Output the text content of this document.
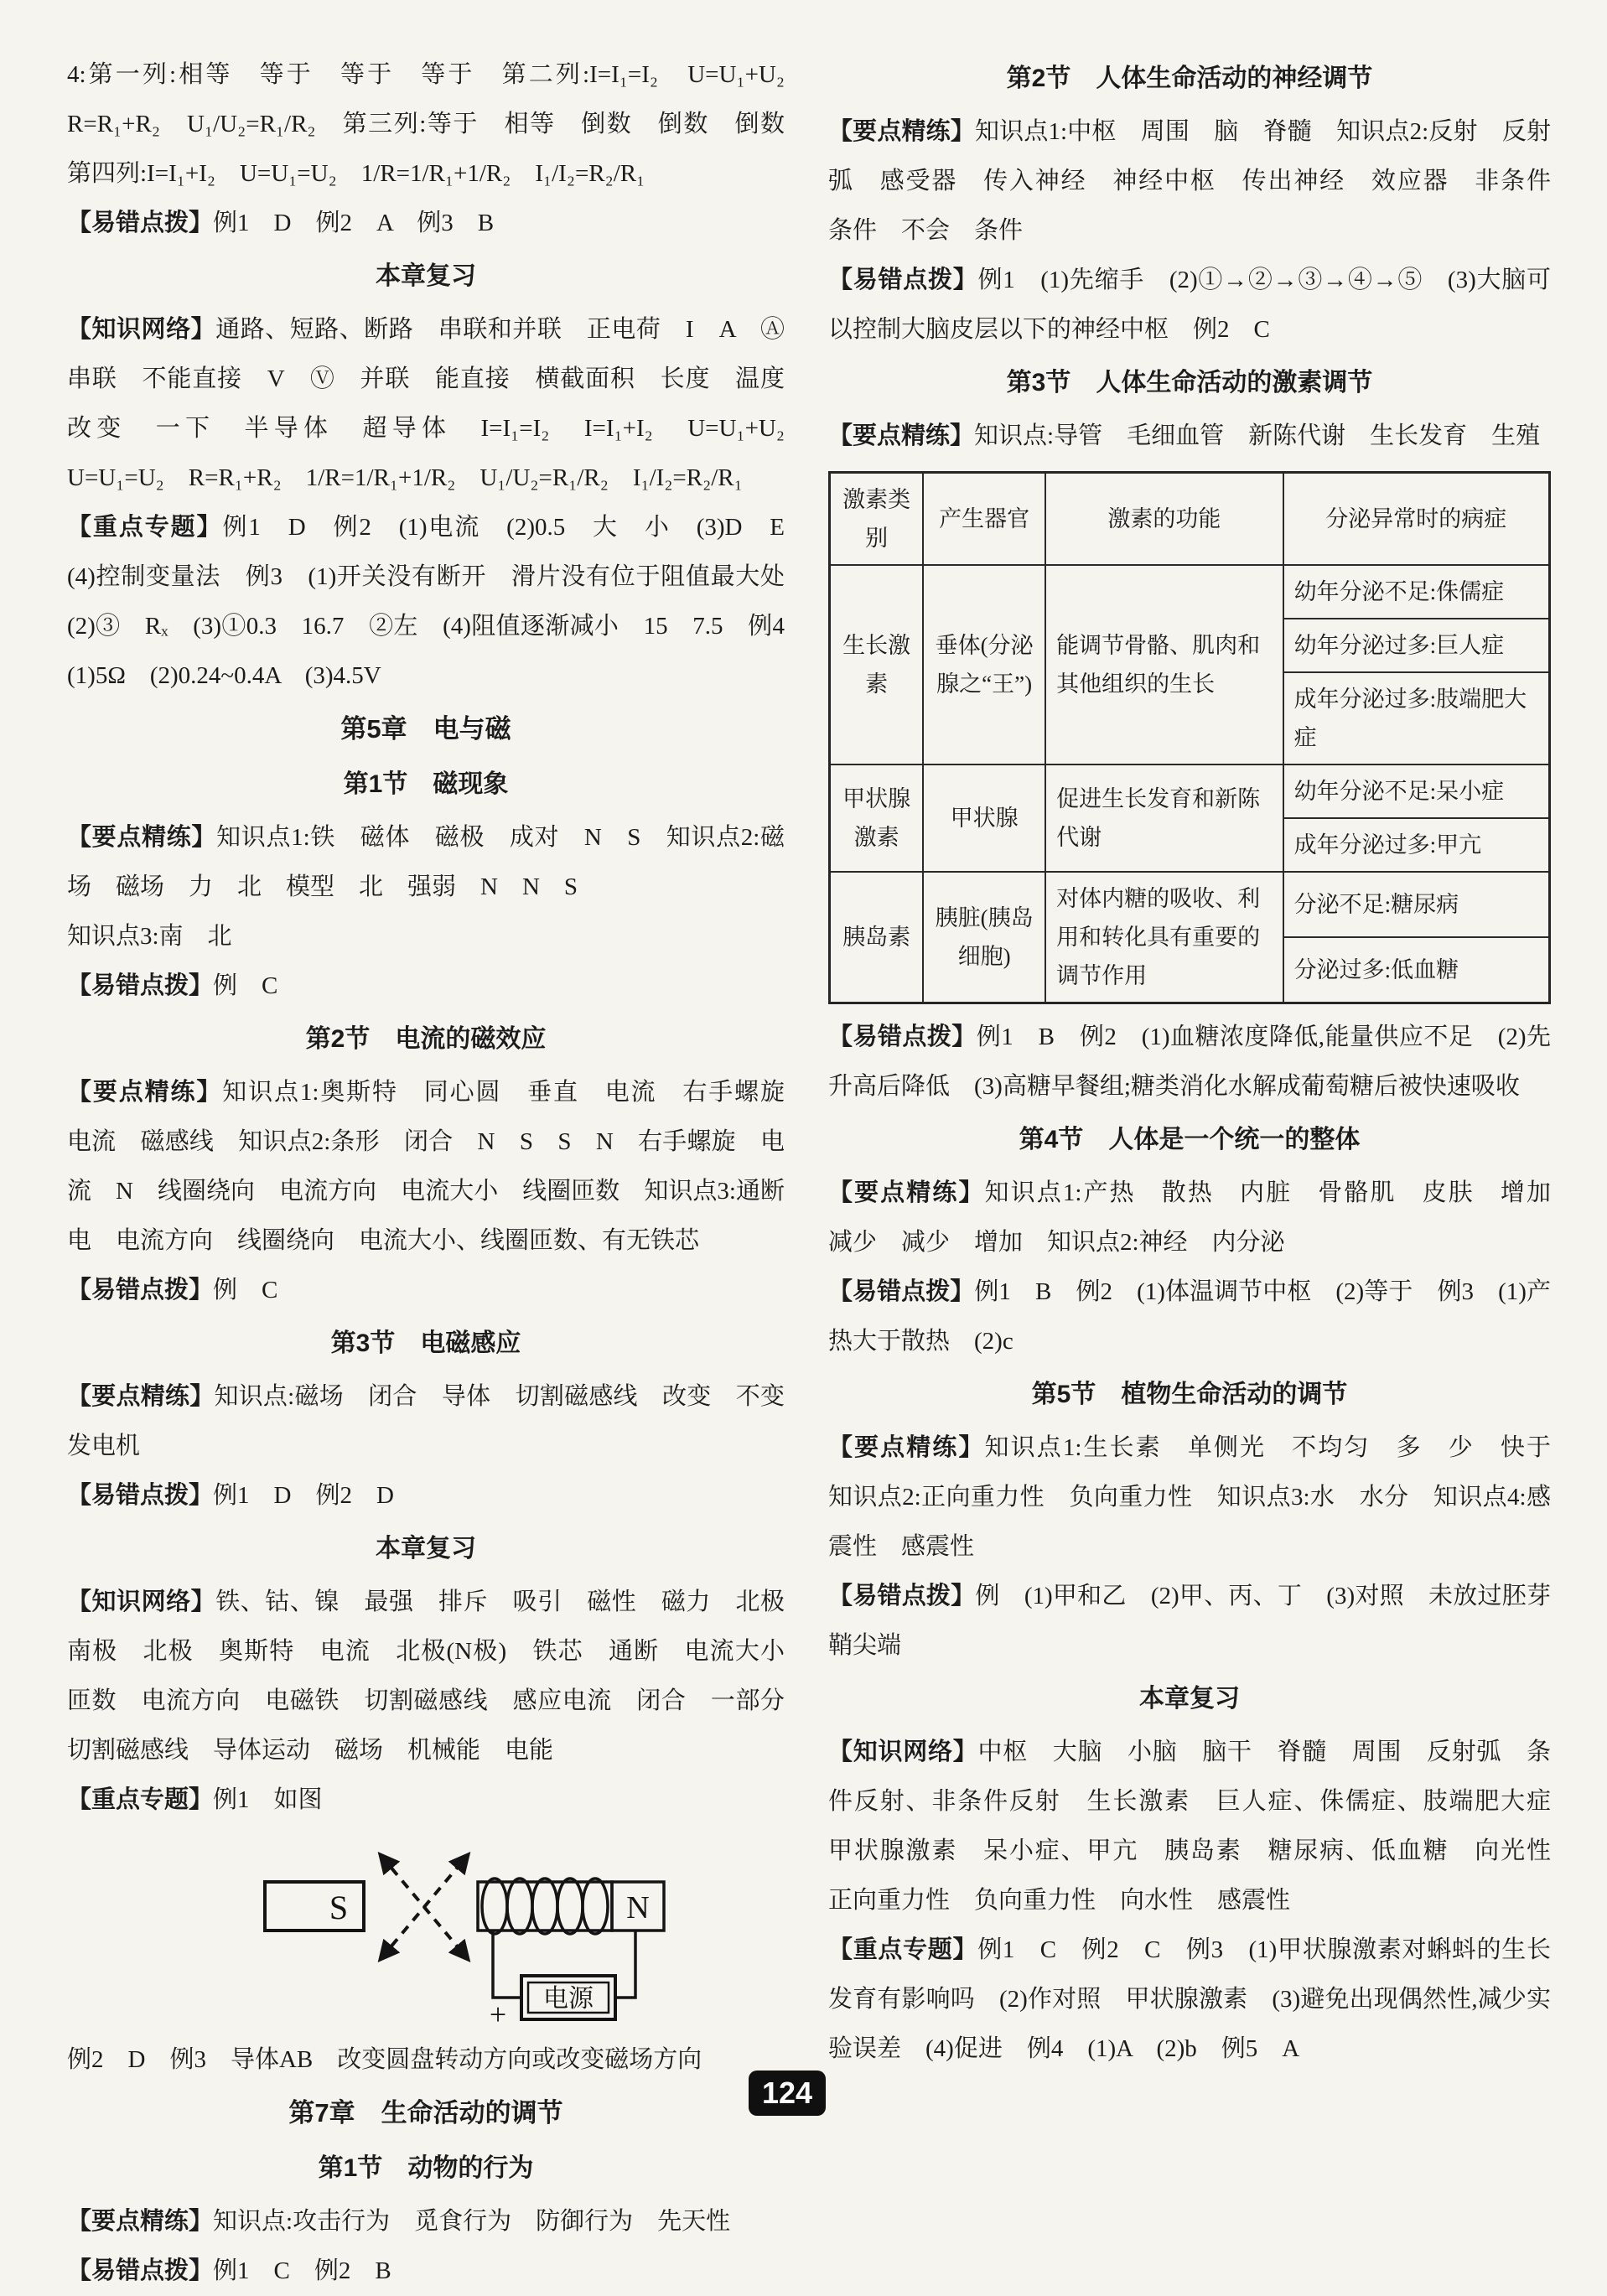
4:第一列:相等　等于　等于　等于　第二列:I=I₁=I₂　U=U₁+U₂　R=R₁+R₂　U₁/U₂=R₁/R₂　第三列:等于　相等　倒数　倒数　倒数　第四列:I=I₁+I₂　U=U₁=U₂　1/R=1/R₁+1/R₂　I₁/I₂=R₂/R₁

【易错点拨】例1　D　例2　A　例3　B

本章复习

【知识网络】通路、短路、断路　串联和并联　正电荷　I　A　Ⓐ　串联　不能直接　V　Ⓥ　并联　能直接　横截面积　长度　温度　改变　一下　半导体　超导体　I=I₁=I₂　I=I₁+I₂　U=U₁+U₂　U=U₁=U₂　R=R₁+R₂　1/R=1/R₁+1/R₂　U₁/U₂=R₁/R₂　I₁/I₂=R₂/R₁

【重点专题】例1　D　例2　(1)电流　(2)0.5　大　小　(3)D　E　(4)控制变量法　例3　(1)开关没有断开　滑片没有位于阻值最大处　(2)③　Rₓ　(3)①0.3　16.7　②左　(4)阻值逐渐减小　15　7.5　例4　(1)5Ω　(2)0.24~0.4A　(3)4.5V

第5章　电与磁
第1节　磁现象

【要点精练】知识点1:铁　磁体　磁极　成对　N　S　知识点2:磁场　磁场　力　北　模型　北　强弱　N　N　S

知识点3:南　北

【易错点拨】例　C

第2节　电流的磁效应

【要点精练】知识点1:奥斯特　同心圆　垂直　电流　右手螺旋　电流　磁感线　知识点2:条形　闭合　N　S　S　N　右手螺旋　电流　N　线圈绕向　电流方向　电流大小　线圈匝数　知识点3:通断电　电流方向　线圈绕向　电流大小、线圈匝数、有无铁芯

【易错点拨】例　C

第3节　电磁感应

【要点精练】知识点:磁场　闭合　导体　切割磁感线　改变　不变　发电机

【易错点拨】例1　D　例2　D

本章复习

【知识网络】铁、钴、镍　最强　排斥　吸引　磁性　磁力　北极　南极　北极　奥斯特　电流　北极(N极)　铁芯　通断　电流大小　匝数　电流方向　电磁铁　切割磁感线　感应电流　闭合　一部分　切割磁感线　导体运动　磁场　机械能　电能

【重点专题】例1　如图

S	N
电源
+

例2　D　例3　导体AB　改变圆盘转动方向或改变磁场方向

第7章　生命活动的调节
第1节　动物的行为

【要点精练】知识点:攻击行为　觅食行为　防御行为　先天性

【易错点拨】例1　C　例2　B

第2节　人体生命活动的神经调节

【要点精练】知识点1:中枢　周围　脑　脊髓　知识点2:反射　反射弧　感受器　传入神经　神经中枢　传出神经　效应器　非条件　条件　不会　条件

【易错点拨】例1　(1)先缩手　(2)①→②→③→④→⑤　(3)大脑可以控制大脑皮层以下的神经中枢　例2　C

第3节　人体生命活动的激素调节

【要点精练】知识点:导管　毛细血管　新陈代谢　生长发育　生殖

激素类别	产生器官	激素的功能	分泌异常时的病症
生长激素	垂体(分泌腺之“王”)	能调节骨骼、肌肉和其他组织的生长	幼年分泌不足:侏儒症
			幼年分泌过多:巨人症
			成年分泌过多:肢端肥大症
甲状腺激素	甲状腺	促进生长发育和新陈代谢	幼年分泌不足:呆小症
			成年分泌过多:甲亢
胰岛素	胰脏(胰岛细胞)	对体内糖的吸收、利用和转化具有重要的调节作用	分泌不足:糖尿病
			分泌过多:低血糖

【易错点拨】例1　B　例2　(1)血糖浓度降低,能量供应不足　(2)先升高后降低　(3)高糖早餐组;糖类消化水解成葡萄糖后被快速吸收

第4节　人体是一个统一的整体

【要点精练】知识点1:产热　散热　内脏　骨骼肌　皮肤　增加　减少　减少　增加　知识点2:神经　内分泌

【易错点拨】例1　B　例2　(1)体温调节中枢　(2)等于　例3　(1)产热大于散热　(2)c

第5节　植物生命活动的调节

【要点精练】知识点1:生长素　单侧光　不均匀　多　少　快于　知识点2:正向重力性　负向重力性　知识点3:水　水分　知识点4:感震性　感震性

【易错点拨】例　(1)甲和乙　(2)甲、丙、丁　(3)对照　未放过胚芽鞘尖端

本章复习

【知识网络】中枢　大脑　小脑　脑干　脊髓　周围　反射弧　条件反射、非条件反射　生长激素　巨人症、侏儒症、肢端肥大症　甲状腺激素　呆小症、甲亢　胰岛素　糖尿病、低血糖　向光性　正向重力性　负向重力性　向水性　感震性

【重点专题】例1　C　例2　C　例3　(1)甲状腺激素对蝌蚪的生长发育有影响吗　(2)作对照　甲状腺激素　(3)避免出现偶然性,减少实验误差　(4)促进　例4　(1)A　(2)b　例5　A

124
